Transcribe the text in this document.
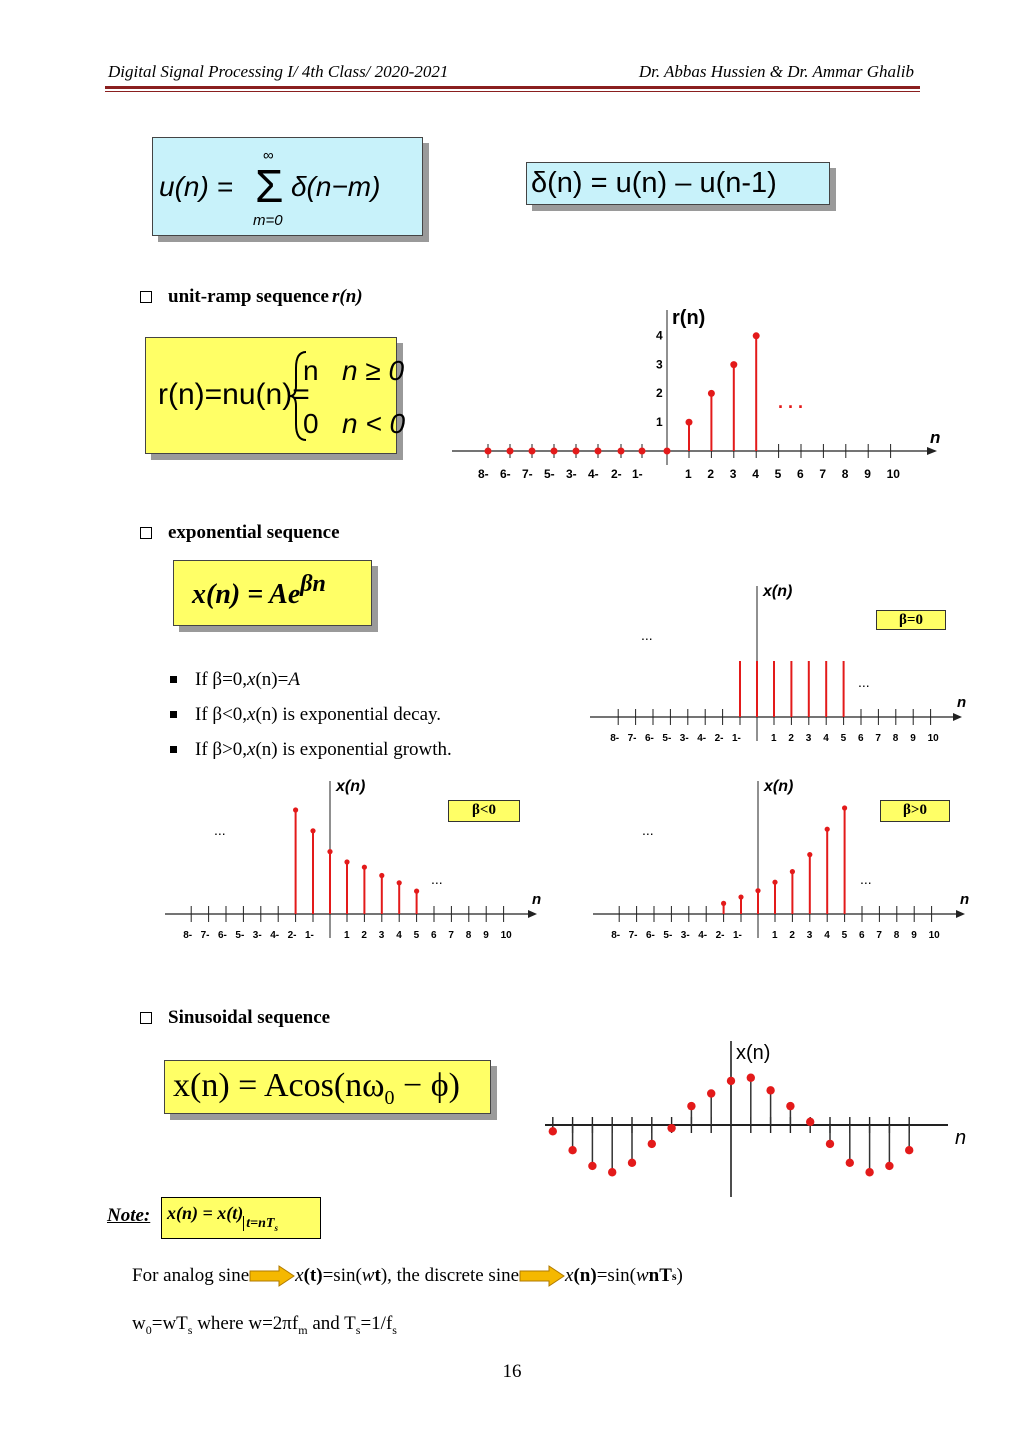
Digital Signal Processing I/ 4th Class/ 2020-2021	Dr. Abbas Hussien & Dr. Ammar Ghalib
u(n) =
∞
Σ
m=0
δ(n−m)	δ(n) = u(n) – u(n-1)
unit-ramp sequence r(n)
r(n)=nu(n)=
n n ≥ 0
0 n < 0
r(n)
n
1
2
3
4
. . .
8- 6- 7- 5- 3- 4- 2- 1-	1 2 3 4 5 6 7 8 9 10
exponential sequence
x(n) = Aeβn
If β=0, x (n)= A
If β<0, x (n) is exponential decay.
If β>0, x (n) is exponential growth.
x(n)
n
...
...
8- 7- 6- 5- 3- 4- 2- 1-	1 2 3 4 5 6 7 8 9 10
β=0
x(n)
n
...
...
8- 7- 6- 5- 3- 4- 2- 1-	1 2 3 4 5 6 7 8 9 10
β<0
x(n)
n
...
...
8- 7- 6- 5- 3- 4- 2- 1-	1 2 3 4 5 6 7 8 9 10
β>0
Sinusoidal sequence
$x(n) = Acos(n\omega_0 - \phi)$
x(n)
n
Note: $x(n) = x(t)_{t=nT_s}$
For analog sine x (t) =sin( w t ), the discrete sine x (n) =sin( w nT s )
$w_0=wT_s$ where $w=2\pi f_m$ and $T_s=1/f_s$
16
